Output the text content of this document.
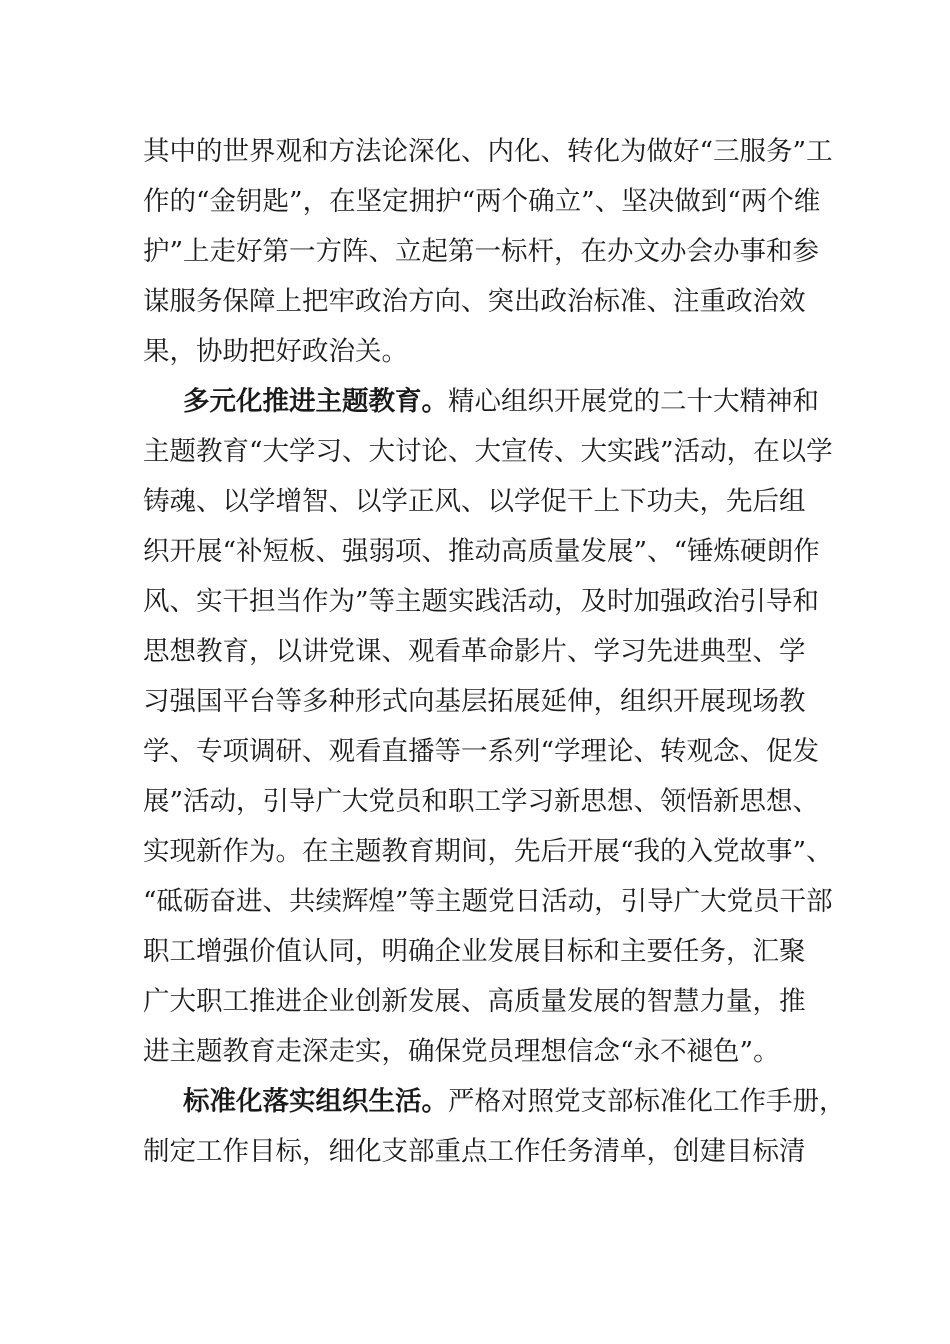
其中的世界观和方法论深化、内化、转化为做好“三服务”工
作的“金钥匙”，在坚定拥护“两个确立”、坚决做到“两个维
护”上走好第一方阵、立起第一标杆，在办文办会办事和参
谋服务保障上把牢政治方向、突出政治标准、注重政治效
果，协助把好政治关。
多元化推进主题教育。精心组织开展党的二十大精神和
主题教育“大学习、大讨论、大宣传、大实践”活动，在以学
铸魂、以学增智、以学正风、以学促干上下功夫，先后组
织开展“补短板、强弱项、推动高质量发展”、“锤炼硬朗作
风、实干担当作为”等主题实践活动，及时加强政治引导和
思想教育，以讲党课、观看革命影片、学习先进典型、学
习强国平台等多种形式向基层拓展延伸，组织开展现场教
学、专项调研、观看直播等一系列“学理论、转观念、促发
展”活动，引导广大党员和职工学习新思想、领悟新思想、
实现新作为。在主题教育期间，先后开展“我的入党故事”、
“砥砺奋进、共续辉煌”等主题党日活动，引导广大党员干部
职工增强价值认同，明确企业发展目标和主要任务，汇聚
广大职工推进企业创新发展、高质量发展的智慧力量，推
进主题教育走深走实，确保党员理想信念“永不褪色”。
标准化落实组织生活。严格对照党支部标准化工作手册，
制定工作目标，细化支部重点工作任务清单，创建目标清
